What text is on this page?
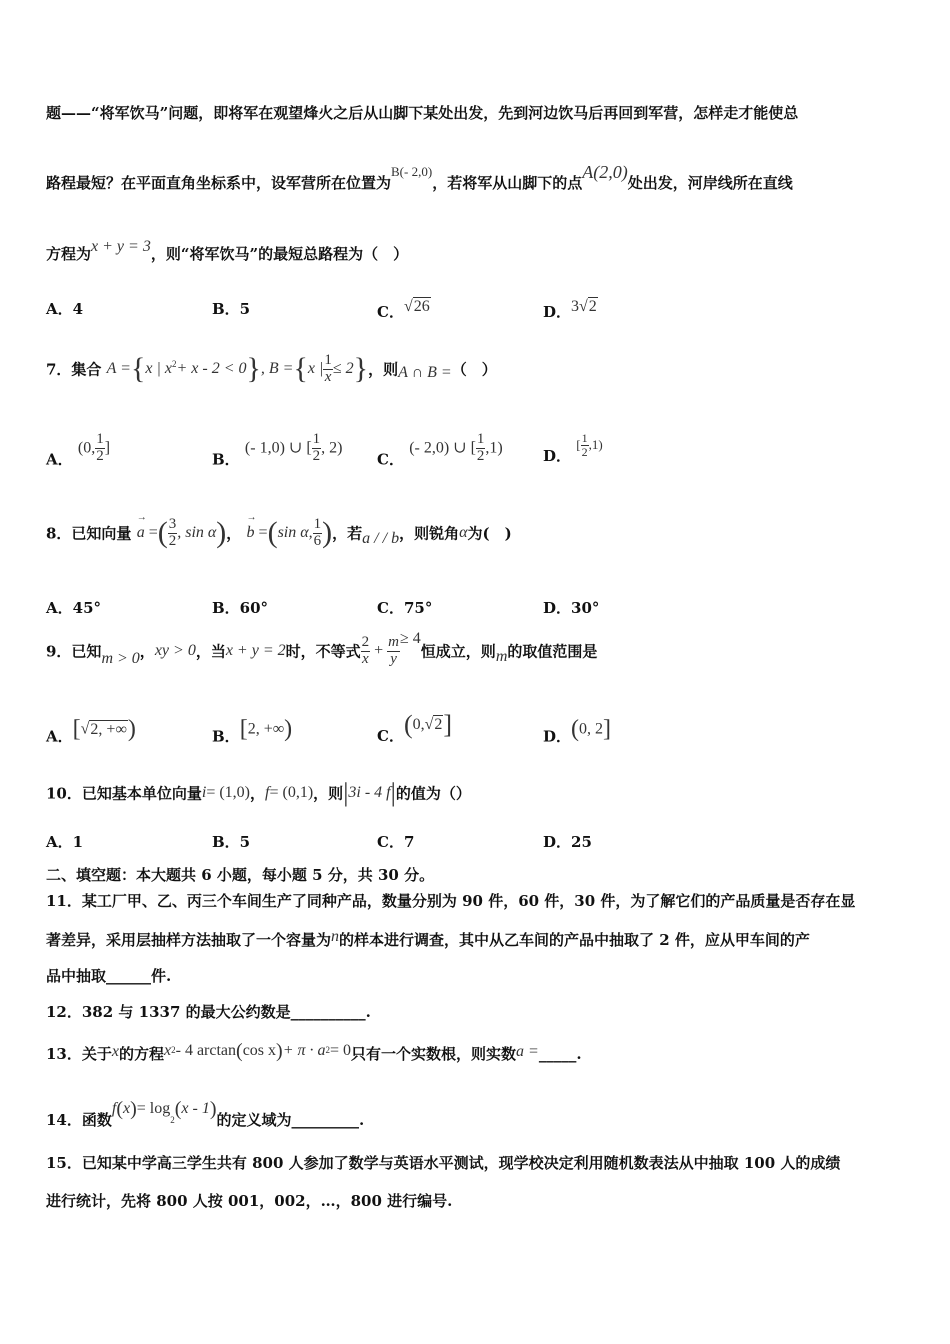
题——“将军饮马”问题，即将军在观望烽火之后从山脚下某处出发，先到河边饮马后再回到军营，怎样走才能使总
路程最短？在平面直角坐标系中，设军营所在位置为B(- 2,0)，若将军从山脚下的点A(2,0)处出发，河岸线所在直线
方程为x + y = 3，则“将军饮马”的最短总路程为（　）
A．4	B．5	C．√26	D．3√2
7．集合 A ={x | $x^2+ x - 2 < 0$}, B ={x | $\frac{1}{x} \le 2$}，则A ∩ B =（　）
A． (0, $\frac{1}{2}$ ]
B． (- 1,0) ∪ [ $\frac{1}{2}$ , 2)
C． (- 2,0) ∪ [ $\frac{1}{2} ,1$)	D． [ $\frac{1}{2} ,1$)
8．已知向量 → a =( $\frac{3}{2}$ , sin α)， → b =(sin α, $\frac{1}{6}$ )，若a / / b，则锐角α为(　)
A．45°	B．60°	C．75°	D．30°
9．已知m > 0，xy > 0，当x + y = 2时，不等式 $\frac{2}{x} + \frac{m}{y} \ge 4$恒成立，则m的取值范围是
A．[√2, +∞)	B．[2, +∞)	C．(0,√2]	D．(0, 2]
10．已知基本单位向量i= (1,0)，f= (0,1)，则|3i - 4 f|的值为（）
A．1	B．5	C．7	D．25
二、填空题：本大题共 6 小题，每小题 5 分，共 30 分。
11．某工厂甲、乙、丙三个车间生产了同种产品，数量分别为 90 件，60 件，30 件，为了解它们的产品质量是否存在显
著差异，采用层抽样方法抽取了一个容量为n的样本进行调查，其中从乙车间的产品中抽取了 2 件，应从甲车间的产
品中抽取______件.
12．382 与 1337 的最大公约数是__________.
13．关于x的方程$x^2-$ 4 arctan(cos $x)+ \pi \cdot a^2= 0$只有一个实数根，则实数a =_____.
14．函数$f(x)= \log_2(x - 1)$的定义域为_________.
15．已知某中学高三学生共有 800 人参加了数学与英语水平测试，现学校决定利用随机数表法从中抽取 100 人的成绩
进行统计，先将 800 人按 001，002，…，800 进行编号.
